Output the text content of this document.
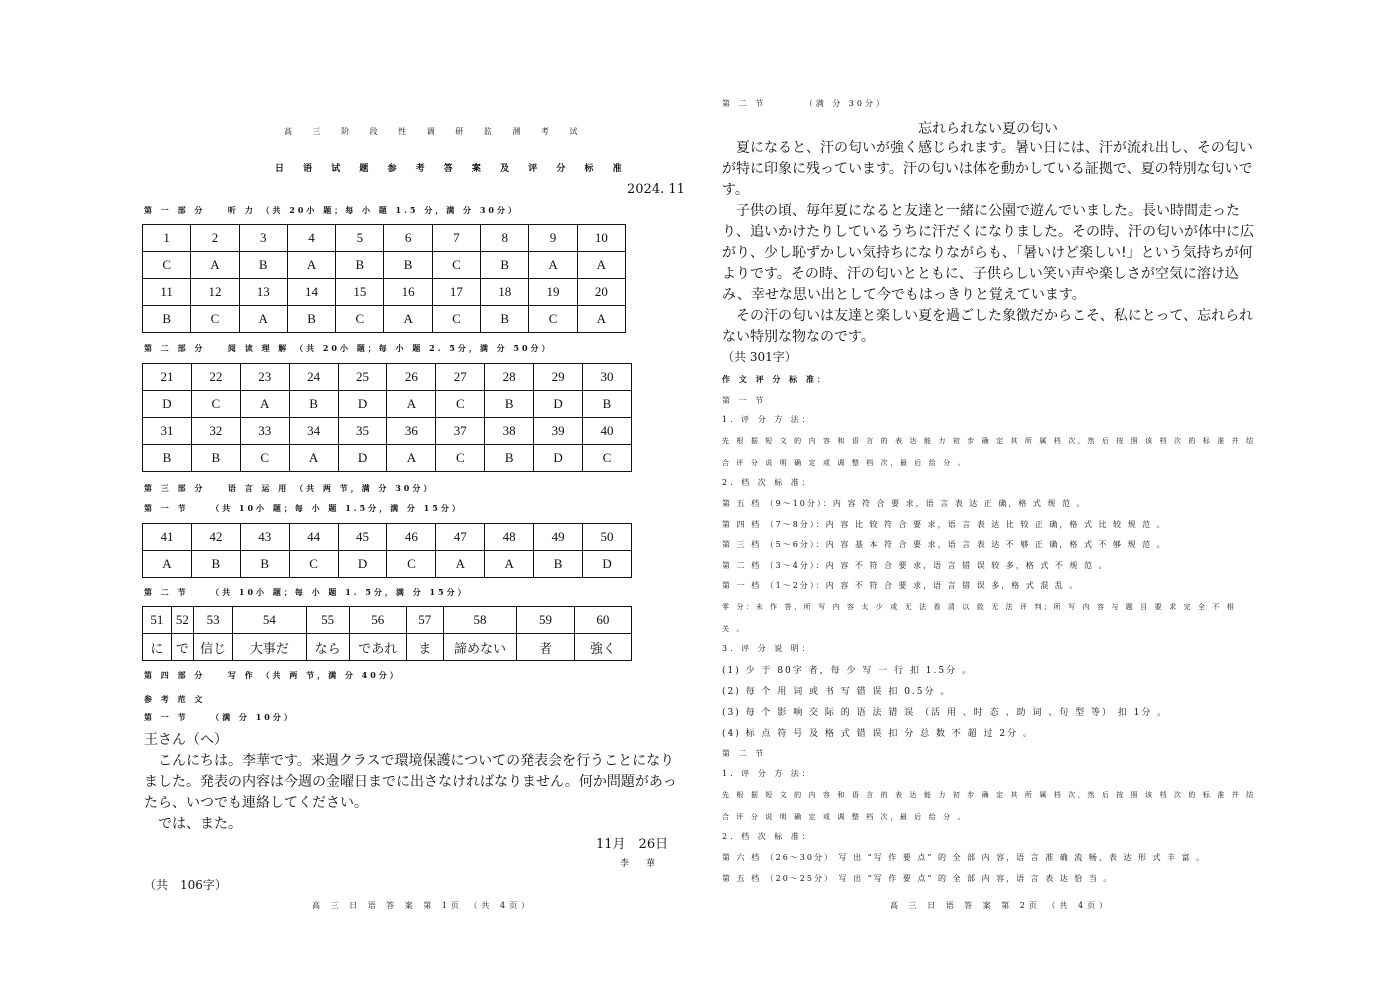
高 三 阶 段 性 调 研 监 测 考 试
日 语 试 题 参 考 答 案 及 评 分 标 准
2024. 11
第 一 部 分 　 听 力 （共 20小 题；每 小 题 1.5 分，满 分 30分）
1	2	3	4	5	6	7	8	9	10
C	A	B	A	B	B	C	B	A	A
11	12	13	14	15	16	17	18	19	20
B	C	A	B	C	A	C	B	C	A
第 二 部 分 　 阅 读 理 解 （共 20小 题；每 小 题 2. 5分，满 分 50分）
21	22	23	24	25	26	27	28	29	30
D	C	A	B	D	A	C	B	D	B
31	32	33	34	35	36	37	38	39	40
B	B	C	A	D	A	C	B	D	C
第 三 部 分 　 语 言 运 用 （共 两 节，满 分 30分）
第 一 节 　 （共 10小 题；每 小 题 1.5分，满 分 15分）
41	42	43	44	45	46	47	48	49	50
A	B	B	C	D	C	A	A	B	D
第 二 节 　 （共 10小 题；每 小 题 1. 5分，满 分 15分）
51	52	53	54	55	56	57	58	59	60
に	で	信じ	大事だ	なら	であれ	ま	諦めない	者	強く
第 四 部 分 　 写 作 （共 两 节，满 分 40分）
参 考 范 文
第 一 节 　 （满 分 10分）
王さん（へ）
　こんにちは。李華です。来週クラスで環境保護についての発表会を行うことになりました。発表の内容は今週の金曜日までに出さなければなりません。何か問題があったら、いつでも連絡してください。
　では、また。
11月　26日
李　華
（共　106字）
高 三 日 语 答 案 第 1页 （共 4页）
第 二 节 　 　 （满 分 30分）
忘れられない夏の匂い
　夏になると、汗の匂いが強く感じられます。暑い日には、汗が流れ出し、その匂いが特に印象に残っています。汗の匂いは体を動かしている証拠で、夏の特別な匂いです。
　子供の頃、毎年夏になると友達と一緒に公園で遊んでいました。長い時間走ったり、追いかけたりしているうちに汗だくになりました。その時、汗の匂いが体中に広がり、少し恥ずかしい気持ちになりながらも、「暑いけど楽しい!」という気持ちが何よりです。その時、汗の匂いとともに、子供らしい笑い声や楽しさが空気に溶け込み、幸せな思い出として今でもはっきりと覚えています。
　その汗の匂いは友達と楽しい夏を過ごした象徴だからこそ、私にとって、忘れられない特別な物なのです。
（共 301字）
作 文 评 分 标 准：
第 一 节
1. 评 分 方 法：
先 根 据 短 文 的 内 容 和 语 言 的 表 达 能 力 初 步 确 定 其 所 属 档 次，然 后 按 照 该 档 次 的 标 准 并 结
合 评 分 说 明 确 定 或 调 整 档 次，最 后 给 分 。
2. 档 次 标 准：
第 五 档 （9～10分）：内 容 符 合 要 求，语 言 表 达 正 确，格 式 规 范 。
第 四 档 （7～8分）：内 容 比 较 符 合 要 求，语 言 表 达 比 较 正 确，格 式 比 较 规 范 。
第 三 档 （5～6分）：内 容 基 本 符 合 要 求，语 言 表 达 不 够 正 确，格 式 不 够 规 范 。
第 二 档 （3～4分）：内 容 不 符 合 要 求，语 言 错 误 较 多，格 式 不 规 范 。
第 一 档 （1～2分）：内 容 不 符 合 要 求，语 言 错 误 多，格 式 混 乱 。
零 分：未 作 答，所 写 内 容 太 少 或 无 法 看 清 以 致 无 法 评 判；所 写 内 容 与 题 目 要 求 完 全 不 相
关 。
3. 评 分 说 明：
(1) 少 于 80字 者，每 少 写 一 行 扣 1.5分 。
(2) 每 个 用 词 或 书 写 错 误 扣 0.5分 。
(3) 每 个 影 响 交 际 的 语 法 错 误 （活 用 、时 态 、助 词 、句 型 等） 扣 1分 。
(4) 标 点 符 号 及 格 式 错 误 扣 分 总 数 不 超 过 2分 。
第 二 节
1. 评 分 方 法：
先 根 据 短 文 的 内 容 和 语 言 的 表 达 能 力 初 步 确 定 其 所 属 档 次，然 后 按 照 该 档 次 的 标 准 并 结
合 评 分 说 明 确 定 或 调 整 档 次，最 后 给 分 。
2. 档 次 标 准：
第 六 档 （26～30分） 写 出 “写 作 要 点” 的 全 部 内 容，语 言 准 确 流 畅，表 达 形 式 丰 富 。
第 五 档 （20～25分） 写 出 “写 作 要 点” 的 全 部 内 容，语 言 表 达 恰 当 。
高 三 日 语 答 案 第 2页 （共 4页）
